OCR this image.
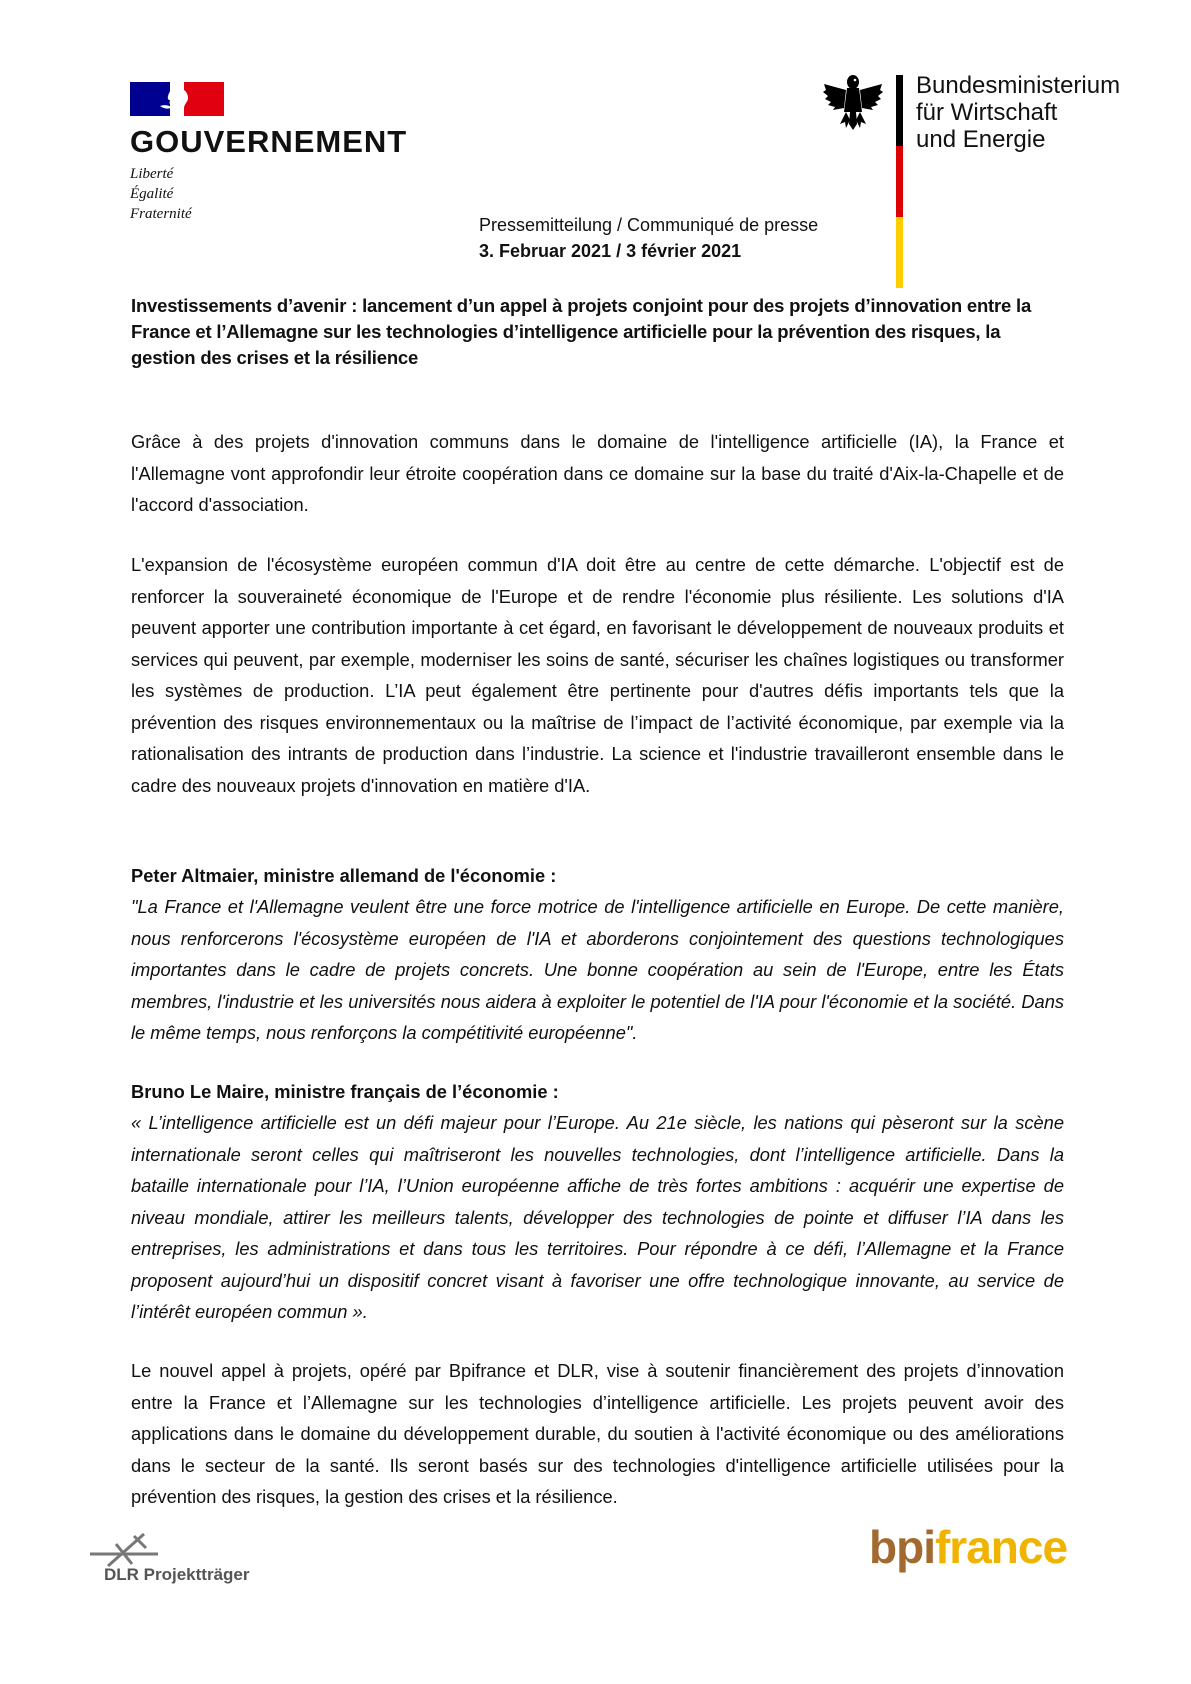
GOUVERNEMENT
Liberté
Égalité
Fraternité
Bundesministerium
für Wirtschaft
und Energie
Pressemitteilung / Communiqué de presse
3. Februar 2021 / 3 février 2021
Investissements d’avenir : lancement d’un appel à projets conjoint pour des projets d’innovation entre la France et l’Allemagne sur les technologies d’intelligence artificielle pour la prévention des risques, la gestion des crises et la résilience
Grâce à des projets d'innovation communs dans le domaine de l'intelligence artificielle (IA), la France et l'Allemagne vont approfondir leur étroite coopération dans ce domaine sur la base du traité d'Aix-la-Chapelle et de l'accord d'association.
L'expansion de l'écosystème européen commun d'IA doit être au centre de cette démarche. L'objectif est de renforcer la souveraineté économique de l'Europe et de rendre l'économie plus résiliente. Les solutions d'IA peuvent apporter une contribution importante à cet égard, en favorisant le développement de nouveaux produits et services qui peuvent, par exemple, moderniser les soins de santé, sécuriser les chaînes logistiques ou transformer les systèmes de production. L’IA peut également être pertinente pour d'autres défis importants tels que la prévention des risques environnementaux ou la maîtrise de l’impact de l’activité économique, par exemple via la rationalisation des intrants de production dans l’industrie. La science et l'industrie travailleront ensemble dans le cadre des nouveaux projets d'innovation en matière d'IA.
Peter Altmaier, ministre allemand de l'économie :
"La France et l'Allemagne veulent être une force motrice de l'intelligence artificielle en Europe. De cette manière, nous renforcerons l'écosystème européen de l'IA et aborderons conjointement des questions technologiques importantes dans le cadre de projets concrets. Une bonne coopération au sein de l'Europe, entre les États membres, l'industrie et les universités nous aidera à exploiter le potentiel de l'IA pour l'économie et la société. Dans le même temps, nous renforçons la compétitivité européenne".
Bruno Le Maire, ministre français de l’économie :
« L’intelligence artificielle est un défi majeur pour l’Europe. Au 21e siècle, les nations qui pèseront sur la scène internationale seront celles qui maîtriseront les nouvelles technologies, dont l’intelligence artificielle. Dans la bataille internationale pour l’IA, l’Union européenne affiche de très fortes ambitions : acquérir une expertise de niveau mondiale, attirer les meilleurs talents, développer des technologies de pointe et diffuser l’IA dans les entreprises, les administrations et dans tous les territoires. Pour répondre à ce défi, l’Allemagne et la France proposent aujourd’hui un dispositif concret visant à favoriser une offre technologique innovante, au service de l’intérêt européen commun ».
Le nouvel appel à projets, opéré par Bpifrance et DLR, vise à soutenir financièrement des projets d’innovation entre la France et l’Allemagne sur les technologies d’intelligence artificielle. Les projets peuvent avoir des applications dans le domaine du développement durable, du soutien à l'activité économique ou des améliorations dans le secteur de la santé. Ils seront basés sur des technologies d'intelligence artificielle utilisées pour la prévention des risques, la gestion des crises et la résilience.
DLR Projektträger
bpifrance
